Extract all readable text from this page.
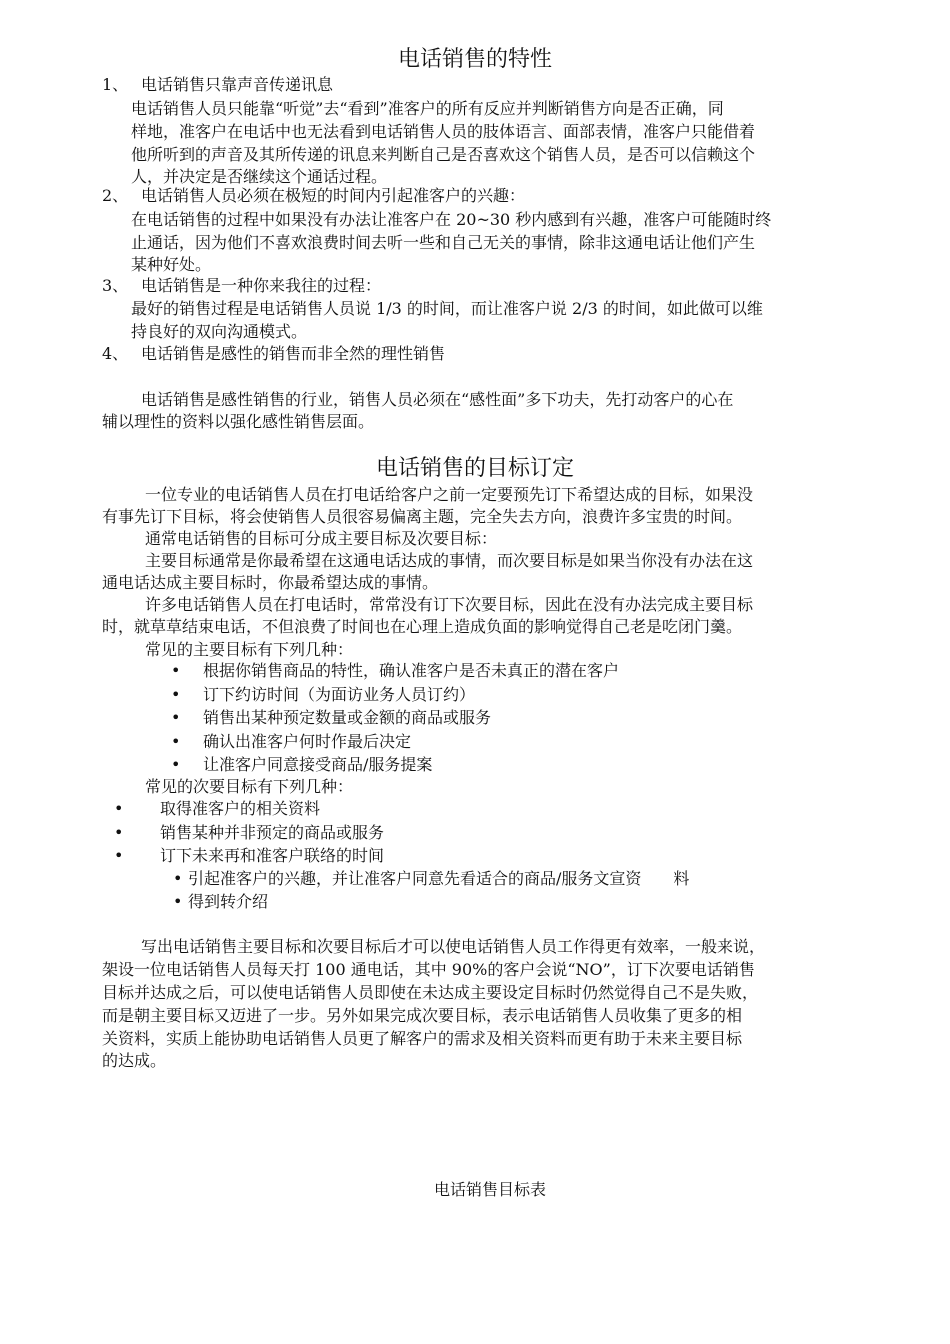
电话销售的特性
1、 电话销售只靠声音传递讯息
电话销售人员只能靠“听觉”去“看到”准客户的所有反应并判断销售方向是否正确，同
样地，准客户在电话中也无法看到电话销售人员的肢体语言、面部表情，准客户只能借着
他所听到的声音及其所传递的讯息来判断自己是否喜欢这个销售人员，是否可以信赖这个
人，并决定是否继续这个通话过程。
2、 电话销售人员必须在极短的时间内引起准客户的兴趣：
在电话销售的过程中如果没有办法让准客户在 20~30 秒内感到有兴趣，准客户可能随时终
止通话，因为他们不喜欢浪费时间去听一些和自己无关的事情，除非这通电话让他们产生
某种好处。
3、 电话销售是一种你来我往的过程：
最好的销售过程是电话销售人员说 1/3 的时间，而让准客户说 2/3 的时间，如此做可以维
持良好的双向沟通模式。
4、 电话销售是感性的销售而非全然的理性销售
电话销售是感性销售的行业，销售人员必须在“感性面”多下功夫，先打动客户的心在
辅以理性的资料以强化感性销售层面。
电话销售的目标订定
一位专业的电话销售人员在打电话给客户之前一定要预先订下希望达成的目标，如果没
有事先订下目标，将会使销售人员很容易偏离主题，完全失去方向，浪费许多宝贵的时间。
通常电话销售的目标可分成主要目标及次要目标：
主要目标通常是你最希望在这通电话达成的事情，而次要目标是如果当你没有办法在这
通电话达成主要目标时，你最希望达成的事情。
许多电话销售人员在打电话时，常常没有订下次要目标，因此在没有办法完成主要目标
时，就草草结束电话，不但浪费了时间也在心理上造成负面的影响觉得自己老是吃闭门羹。
常见的主要目标有下列几种：
• 根据你销售商品的特性，确认准客户是否未真正的潜在客户
• 订下约访时间（为面访业务人员订约）
• 销售出某种预定数量或金额的商品或服务
• 确认出准客户何时作最后决定
• 让准客户同意接受商品/服务提案
常见的次要目标有下列几种：
• 取得准客户的相关资料
• 销售某种并非预定的商品或服务
• 订下未来再和准客户联络的时间
• 引起准客户的兴趣，并让准客户同意先看适合的商品/服务文宣资　　料
• 得到转介绍
写出电话销售主要目标和次要目标后才可以使电话销售人员工作得更有效率，一般来说，
架设一位电话销售人员每天打 100 通电话，其中 90%的客户会说“NO”，订下次要电话销售
目标并达成之后，可以使电话销售人员即使在未达成主要设定目标时仍然觉得自己不是失败，
而是朝主要目标又迈进了一步。另外如果完成次要目标，表示电话销售人员收集了更多的相
关资料，实质上能协助电话销售人员更了解客户的需求及相关资料而更有助于未来主要目标
的达成。
电话销售目标表
